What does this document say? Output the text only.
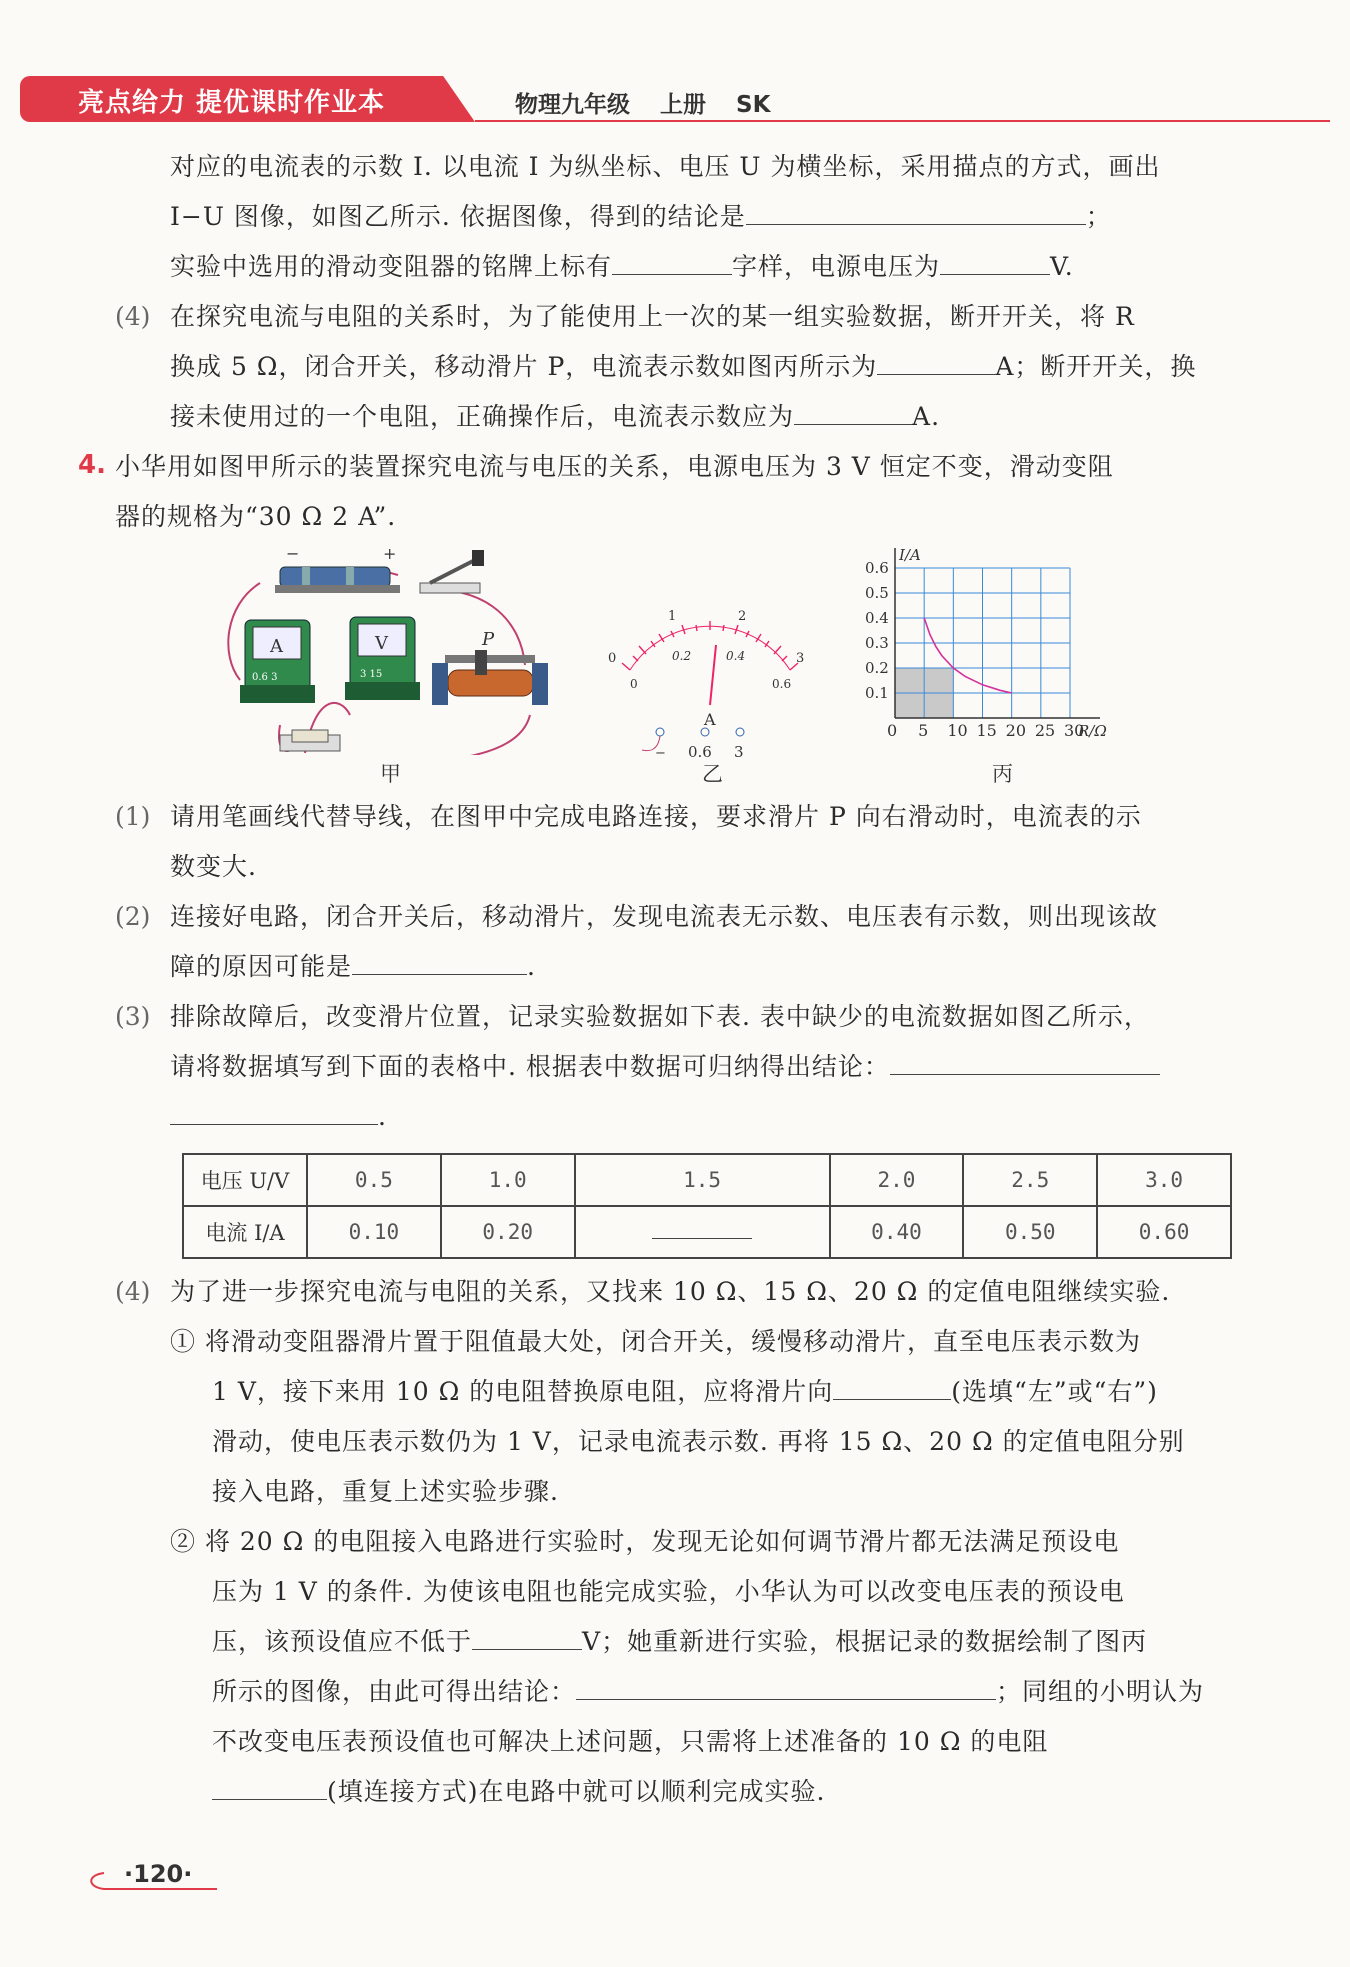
亮点给力 提优课时作业本	物理九年级 上册 SK
对应的电流表的示数 I. 以电流 I 为纵坐标、电压 U 为横坐标，采用描点的方式，画出
I−U 图像，如图乙所示. 依据图像，得到的结论是	；
实验中选用的滑动变阻器的铭牌上标有	字样，电源电压为	V.
(4) 在探究电流与电阻的关系时，为了能使用上一次的某一组实验数据，断开开关，将 R
换成 5 Ω，闭合开关，移动滑片 P，电流表示数如图丙所示为	A；断开开关，换
接未使用过的一个电阻，正确操作后，电流表示数应为	A.
4. 小华用如图甲所示的装置探究电流与电压的关系，电源电压为 3 V 恒定不变，滑动变阻
器的规格为“30 Ω 2 A”.
−	+
A
0.6 3
V
3 15
P
甲
0
1	2
3
0
0.2	0.4
0.6
A
− 0.6 3
乙
0 5 10 15 20 25 30
0.1
0.2
0.3
0.4
0.5
0.6
R/Ω
I/A
丙
(1) 请用笔画线代替导线，在图甲中完成电路连接，要求滑片 P 向右滑动时，电流表的示
数变大.
(2) 连接好电路，闭合开关后，移动滑片，发现电流表无示数、电压表有示数，则出现该故
障的原因可能是	.
(3) 排除故障后，改变滑片位置，记录实验数据如下表. 表中缺少的电流数据如图乙所示，
请将数据填写到下面的表格中. 根据表中数据可归纳得出结论：
.
电压 U/V	0.5	1.0	1.5	2.0	2.5	3.0
电流 I/A	0.10	0.20		0.40	0.50	0.60
(4) 为了进一步探究电流与电阻的关系，又找来 10 Ω、15 Ω、20 Ω 的定值电阻继续实验.
① 将滑动变阻器滑片置于阻值最大处，闭合开关，缓慢移动滑片，直至电压表示数为
1 V，接下来用 10 Ω 的电阻替换原电阻，应将滑片向	(选填“左”或“右”)
滑动，使电压表示数仍为 1 V，记录电流表示数. 再将 15 Ω、20 Ω 的定值电阻分别
接入电路，重复上述实验步骤.
② 将 20 Ω 的电阻接入电路进行实验时，发现无论如何调节滑片都无法满足预设电
压为 1 V 的条件. 为使该电阻也能完成实验，小华认为可以改变电压表的预设电
压，该预设值应不低于	V；她重新进行实验，根据记录的数据绘制了图丙
所示的图像，由此可得出结论：	；同组的小明认为
不改变电压表预设值也可解决上述问题，只需将上述准备的 10 Ω 的电阻
(填连接方式)在电路中就可以顺利完成实验.
·120·
